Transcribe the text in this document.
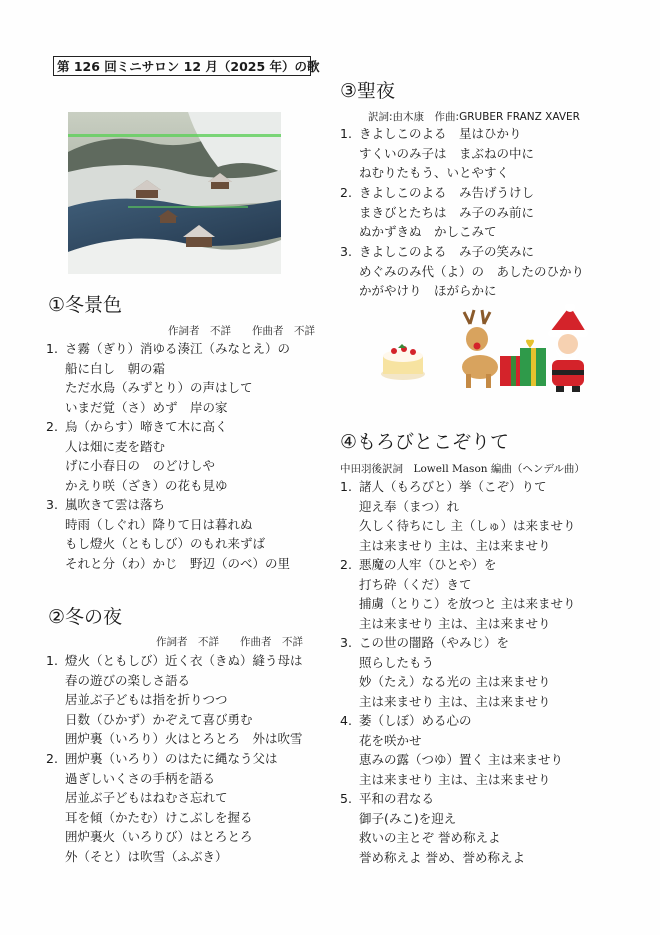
第 126 回ミニサロン 12 月（2025 年）の歌
①冬景色
作詞者　不詳　　作曲者　不詳
1. さ霧（ぎり）消ゆる湊江（みなとえ）の
船に白し　朝の霜
ただ水鳥（みずとり）の声はして
いまだ覚（さ）めず　岸の家
2. 烏（からす）啼きて木に高く
人は畑に麦を踏む
げに小春日の　のどけしや
かえり咲（ざき）の花も見ゆ
3. 嵐吹きて雲は落ち
時雨（しぐれ）降りて日は暮れぬ
もし燈火（ともしび）のもれ来ずば
それと分（わ）かじ　野辺（のべ）の里
②冬の夜
作詞者　不詳　　作曲者　不詳
1. 燈火（ともしび）近く衣（きぬ）縫う母は
春の遊びの楽しさ語る
居並ぶ子どもは指を折りつつ
日数（ひかず）かぞえて喜び勇む
囲炉裏（いろり）火はとろとろ　外は吹雪
2. 囲炉裏（いろり）のはたに縄なう父は
過ぎしいくさの手柄を語る
居並ぶ子どもはねむさ忘れて
耳を傾（かたむ）けこぶしを握る
囲炉裏火（いろりび）はとろとろ
外（そと）は吹雪（ふぶき）
③聖夜
訳詞:由木康　作曲:GRUBER FRANZ XAVER
1. きよしこのよる　星はひかり
すくいのみ子は　まぶねの中に
ねむりたもう、いとやすく
2. きよしこのよる　み告げうけし
まきびとたちは　み子のみ前に
ぬかずきぬ　かしこみて
3. きよしこのよる　み子の笑みに
めぐみのみ代（よ）の　あしたのひかり
かがやけり　ほがらかに
④もろびとこぞりて
中田羽後訳詞　Lowell Mason 編曲（ヘンデル曲）
1. 諸人（もろびと）挙（こぞ）りて
迎え奉（まつ）れ
久しく待ちにし 主（しゅ）は来ませり
主は来ませり 主は、主は来ませり
2. 悪魔の人牢（ひとや）を
打ち砕（くだ）きて
捕虜（とりこ）を放つと 主は来ませり
主は来ませり 主は、主は来ませり
3. この世の闇路（やみじ）を
照らしたもう
妙（たえ）なる光の 主は来ませり
主は来ませり 主は、主は来ませり
4. 萎（しぼ）める心の
花を咲かせ
恵みの露（つゆ）置く 主は来ませり
主は来ませり 主は、主は来ませり
5. 平和の君なる
御子(みこ)を迎え
救いの主とぞ 誉め称えよ
誉め称えよ 誉め、誉め称えよ
